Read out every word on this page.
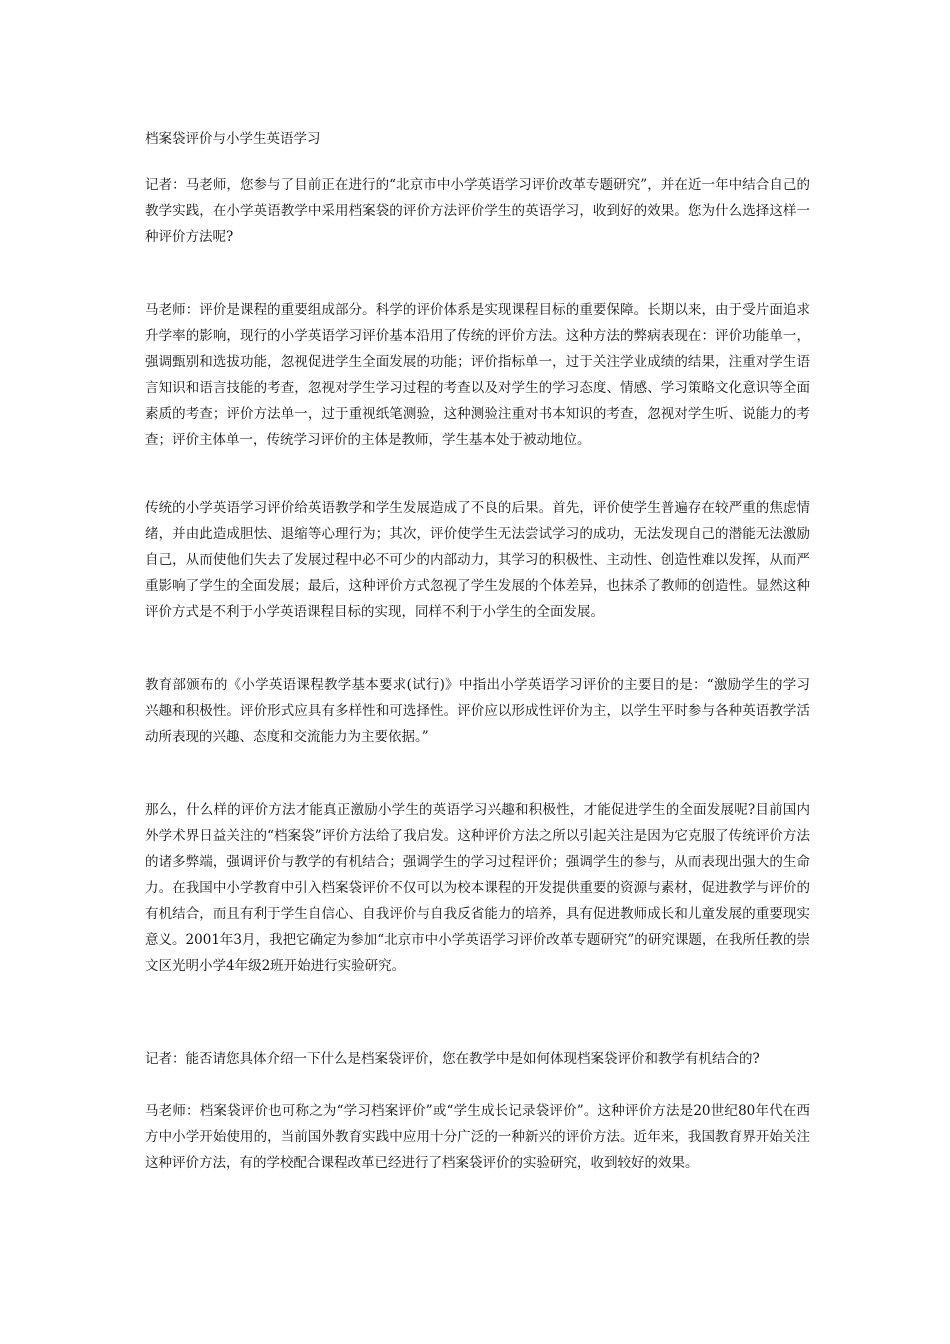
档案袋评价与小学生英语学习

记者：马老师，您参与了目前正在进行的“北京市中小学英语学习评价改革专题研究”，并在近一年中结合自己的教学实践，在小学英语教学中采用档案袋的评价方法评价学生的英语学习，收到好的效果。您为什么选择这样一种评价方法呢?

马老师：评价是课程的重要组成部分。科学的评价体系是实现课程目标的重要保障。长期以来，由于受片面追求升学率的影响，现行的小学英语学习评价基本沿用了传统的评价方法。这种方法的弊病表现在：评价功能单一，强调甄别和选拔功能，忽视促进学生全面发展的功能；评价指标单一，过于关注学业成绩的结果，注重对学生语言知识和语言技能的考查，忽视对学生学习过程的考查以及对学生的学习态度、情感、学习策略文化意识等全面素质的考查；评价方法单一，过于重视纸笔测验，这种测验注重对书本知识的考查，忽视对学生听、说能力的考查；评价主体单一，传统学习评价的主体是教师，学生基本处于被动地位。

传统的小学英语学习评价给英语教学和学生发展造成了不良的后果。首先，评价使学生普遍存在较严重的焦虑情绪，并由此造成胆怯、退缩等心理行为；其次，评价使学生无法尝试学习的成功，无法发现自己的潜能无法激励自己，从而使他们失去了发展过程中必不可少的内部动力，其学习的积极性、主动性、创造性难以发挥，从而严重影响了学生的全面发展；最后，这种评价方式忽视了学生发展的个体差异，也抹杀了教师的创造性。显然这种评价方式是不利于小学英语课程目标的实现，同样不利于小学生的全面发展。

教育部颁布的《小学英语课程教学基本要求(试行)》中指出小学英语学习评价的主要目的是：“激励学生的学习兴趣和积极性。评价形式应具有多样性和可选择性。评价应以形成性评价为主，以学生平时参与各种英语教学活动所表现的兴趣、态度和交流能力为主要依据。”

那么，什么样的评价方法才能真正激励小学生的英语学习兴趣和积极性，才能促进学生的全面发展呢?目前国内外学术界日益关注的“档案袋”评价方法给了我启发。这种评价方法之所以引起关注是因为它克服了传统评价方法的诸多弊端，强调评价与教学的有机结合；强调学生的学习过程评价；强调学生的参与，从而表现出强大的生命力。在我国中小学教育中引入档案袋评价不仅可以为校本课程的开发提供重要的资源与素材，促进教学与评价的有机结合，而且有利于学生自信心、自我评价与自我反省能力的培养，具有促进教师成长和儿童发展的重要现实意义。2001年3月，我把它确定为参加“北京市中小学英语学习评价改革专题研究”的研究课题，在我所任教的崇文区光明小学4年级2班开始进行实验研究。

记者：能否请您具体介绍一下什么是档案袋评价，您在教学中是如何体现档案袋评价和教学有机结合的?

马老师：档案袋评价也可称之为“学习档案评价”或“学生成长记录袋评价”。这种评价方法是20世纪80年代在西方中小学开始使用的，当前国外教育实践中应用十分广泛的一种新兴的评价方法。近年来，我国教育界开始关注这种评价方法，有的学校配合课程改革已经进行了档案袋评价的实验研究，收到较好的效果。
